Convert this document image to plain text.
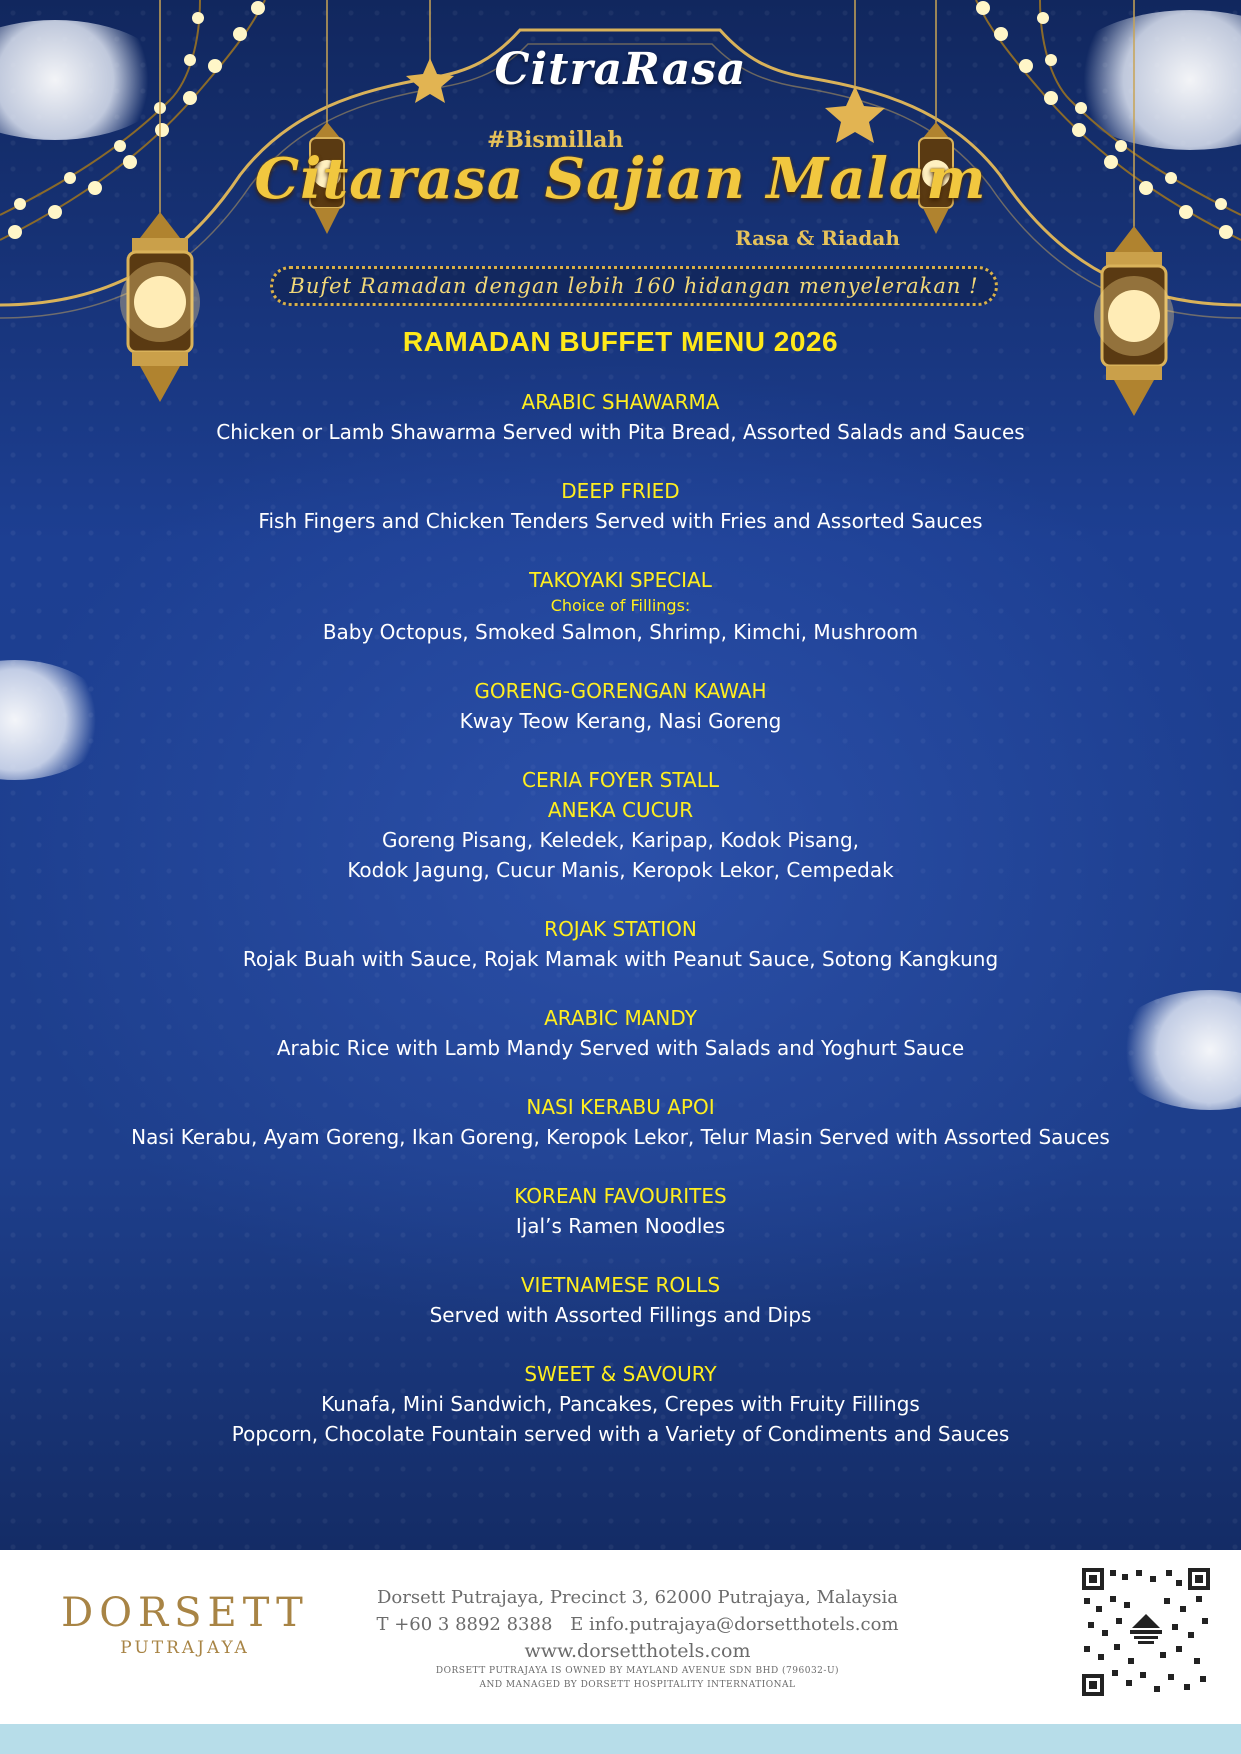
CitraRasa
#Bismillah
Citarasa Sajian Malam
Rasa & Riadah
Bufet Ramadan dengan lebih 160 hidangan menyelerakan !
RAMADAN BUFFET MENU 2026
ARABIC SHAWARMA
Chicken or Lamb Shawarma Served with Pita Bread, Assorted Salads and Sauces
DEEP FRIED
Fish Fingers and Chicken Tenders Served with Fries and Assorted Sauces
TAKOYAKI SPECIAL
Choice of Fillings:
Baby Octopus, Smoked Salmon, Shrimp, Kimchi, Mushroom
GORENG-GORENGAN KAWAH
Kway Teow Kerang, Nasi Goreng
CERIA FOYER STALL
ANEKA CUCUR
Goreng Pisang, Keledek, Karipap, Kodok Pisang,
Kodok Jagung, Cucur Manis, Keropok Lekor, Cempedak
ROJAK STATION
Rojak Buah with Sauce, Rojak Mamak with Peanut Sauce, Sotong Kangkung
ARABIC MANDY
Arabic Rice with Lamb Mandy Served with Salads and Yoghurt Sauce
NASI KERABU APOI
Nasi Kerabu, Ayam Goreng, Ikan Goreng, Keropok Lekor, Telur Masin Served with Assorted Sauces
KOREAN FAVOURITES
Ijal’s Ramen Noodles
VIETNAMESE ROLLS
Served with Assorted Fillings and Dips
SWEET & SAVOURY
Kunafa, Mini Sandwich, Pancakes, Crepes with Fruity Fillings
Popcorn, Chocolate Fountain served with a Variety of Condiments and Sauces
DORSETT
PUTRAJAYA
Dorsett Putrajaya, Precinct 3, 62000 Putrajaya, Malaysia
T +60 3 8892 8388 E info.putrajaya@dorsetthotels.com
www.dorsetthotels.com
DORSETT PUTRAJAYA IS OWNED BY MAYLAND AVENUE SDN BHD (796032-U)
AND MANAGED BY DORSETT HOSPITALITY INTERNATIONAL
